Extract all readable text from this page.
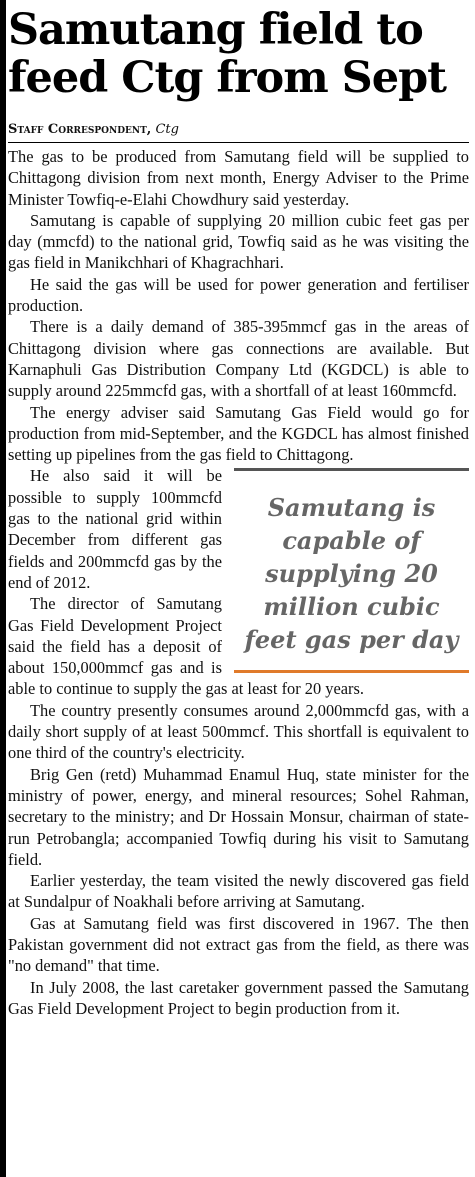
Samutang field to feed Ctg from Sept
Staff Correspondent, Ctg

The gas to be produced from Samutang field will be supplied to Chittagong division from next month, Energy Adviser to the Prime Minister Towfiq-e-Elahi Chowdhury said yesterday.

Samutang is capable of supplying 20 million cubic feet gas per day (mmcfd) to the national grid, Towfiq said as he was visiting the gas field in Manikchhari of Khagrachhari.

He said the gas will be used for power generation and fertiliser production.

There is a daily demand of 385-395mmcf gas in the areas of Chittagong division where gas connections are available. But Karnaphuli Gas Distribution Company Ltd (KGDCL) is able to supply around 225mmcfd gas, with a shortfall of at least 160mmcfd.

The energy adviser said Samutang Gas Field would go for production from mid-September, and the KGDCL has almost finished setting up pipelines from the gas field to Chittagong.

Samutang is capable of supplying 20 million cubic feet gas per day

He also said it will be possible to supply 100mmcfd gas to the national grid within December from different gas fields and 200mmcfd gas by the end of 2012.

The director of Samutang Gas Field Development Project said the field has a deposit of about 150,000mmcf gas and is able to continue to supply the gas at least for 20 years.

The country presently consumes around 2,000mmcfd gas, with a daily short supply of at least 500mmcf. This shortfall is equivalent to one third of the country's electricity.

Brig Gen (retd) Muhammad Enamul Huq, state minister for the ministry of power, energy, and mineral resources; Sohel Rahman, secretary to the ministry; and Dr Hossain Monsur, chairman of state-run Petrobangla; accompanied Towfiq during his visit to Samutang field.

Earlier yesterday, the team visited the newly discovered gas field at Sundalpur of Noakhali before arriving at Samutang.

Gas at Samutang field was first discovered in 1967. The then Pakistan government did not extract gas from the field, as there was "no demand" that time.

In July 2008, the last caretaker government passed the Samutang Gas Field Development Project to begin production from it.
